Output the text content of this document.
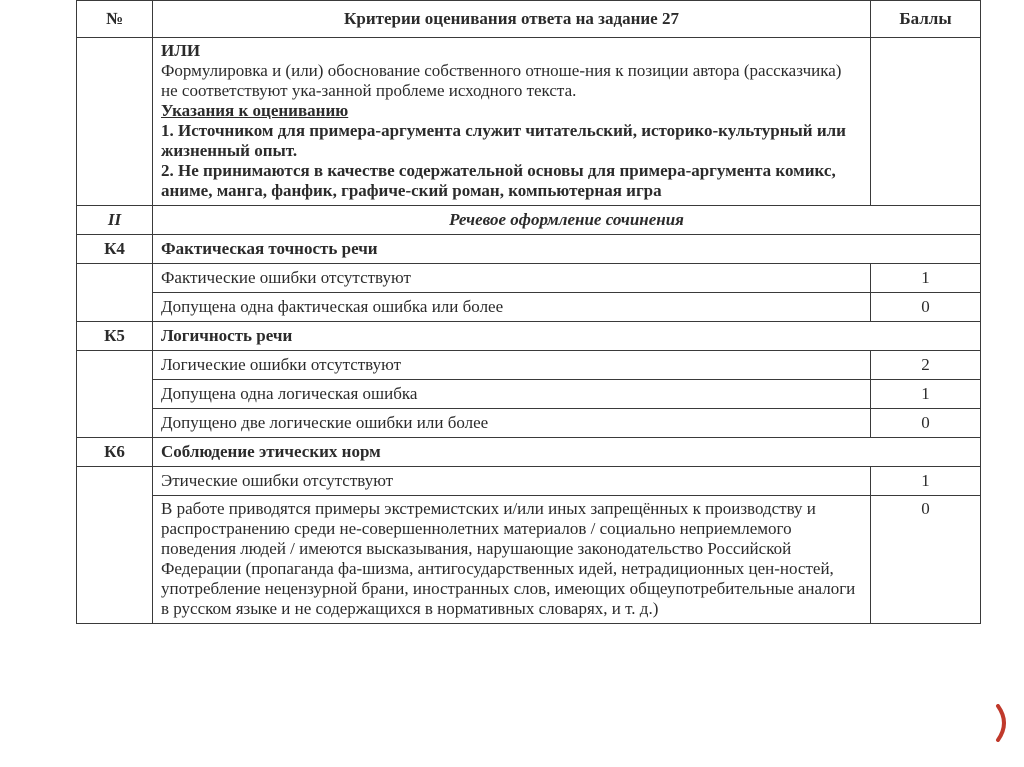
№	Критерии оценивания ответа на задание 27	Баллы

	ИЛИ
Формулировка и (или) обоснование собственного отноше-ния к позиции автора (рассказчика) не соответствуют ука-занной проблеме исходного текста.
Указания к оцениванию
1. Источником для примера-аргумента служит читательский, историко-культурный или жизненный опыт.
2. Не принимаются в качестве содержательной основы для примера-аргумента комикс, аниме, манга, фанфик, графиче-ский роман, компьютерная игра	

II	Речевое оформление сочинения	
К4	Фактическая точность речи	
	Фактические ошибки отсутствуют	1
	Допущена одна фактическая ошибка или более	0
К5	Логичность речи	
	Логические ошибки отсутствуют	2
	Допущена одна логическая ошибка	1
	Допущено две логические ошибки или более	0
К6	Соблюдение этических норм	
	Этические ошибки отсутствуют	1
	В работе приводятся примеры экстремистских и/или иных запрещённых к производству и распространению среди не-совершеннолетних материалов / социально неприемлемого поведения людей / имеются высказывания, нарушающие законодательство Российской Федерации (пропаганда фа-шизма, антигосударственных идей, нетрадиционных цен-ностей, употребление нецензурной брани, иностранных слов, имеющих общеупотребительные аналоги в русском языке и не содержащихся в нормативных словарях, и т. д.)	0
